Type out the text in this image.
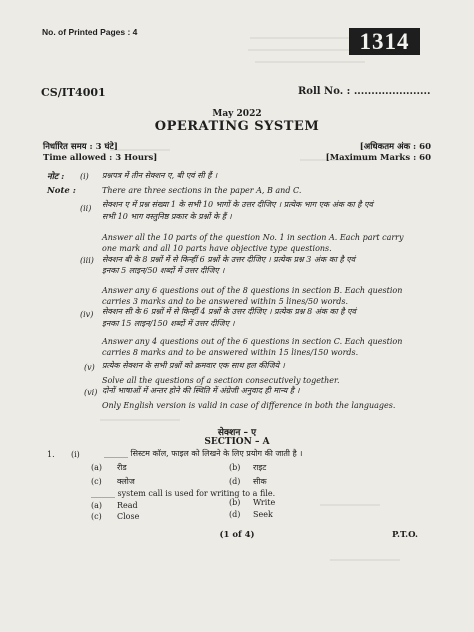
No. of Printed Pages : 4	1314
CS/IT4001	Roll No. : ......................
May 2022
OPERATING SYSTEM
निर्धारित समय : 3 घंटे]
Time allowed : 3 Hours]
[अधिकतम अंक : 60
[Maximum Marks : 60
नोट :
Note :
(i) प्रश्नपत्र में तीन सेक्शन ए, बी एवं सी हैं ।
There are three sections in the paper A, B and C.
(ii) सेक्शन ए में प्रश्न संख्या 1 के सभी 10 भागों के उत्तर दीजिए । प्रत्येक भाग एक अंक का है एवं
सभी 10 भाग वस्तुनिष्ठ प्रकार के प्रश्नों के हैं ।
Answer all the 10 parts of the question No. 1 in section A. Each part carry
one mark and all 10 parts have objective type questions.
(iii) सेक्शन बी के 8 प्रश्नों में से किन्हीं 6 प्रश्नों के उत्तर दीजिए । प्रत्येक प्रश्न 3 अंक का है एवं
इनका 5 लाइन/50 शब्दों में उत्तर दीजिए ।
Answer any 6 questions out of the 8 questions in section B. Each question
carries 3 marks and to be answered within 5 lines/50 words.
(iv) सेक्शन सी के 6 प्रश्नों में से किन्हीं 4 प्रश्नों के उत्तर दीजिए । प्रत्येक प्रश्न 8 अंक का है एवं
इनका 15 लाइन/150 शब्दों में उत्तर दीजिए ।
Answer any 4 questions out of the 6 questions in section C. Each question
carries 8 marks and to be answered within 15 lines/150 words.
(v) प्रत्येक सेक्शन के सभी प्रश्नों को क्रमवार एक साथ हल कीजिये ।
Solve all the questions of a section consecutively together.
(vi) दोनों भाषाओं में अन्तर होने की स्थिति में अंग्रेजी अनुवाद ही मान्य है ।
Only English version is valid in case of difference in both the languages.
सेक्शन – ए
SECTION – A
1. (i)	______ सिस्टम कॉल, फाइल को लिखने के लिए प्रयोग की जाती है ।
(a) रीड	(b) राइट
(c) क्लोज	(d) सीक
______ system call is used for writing to a file.
(a) Read	(b) Write
(c) Close	(d) Seek
(1 of 4)	P.T.O.
